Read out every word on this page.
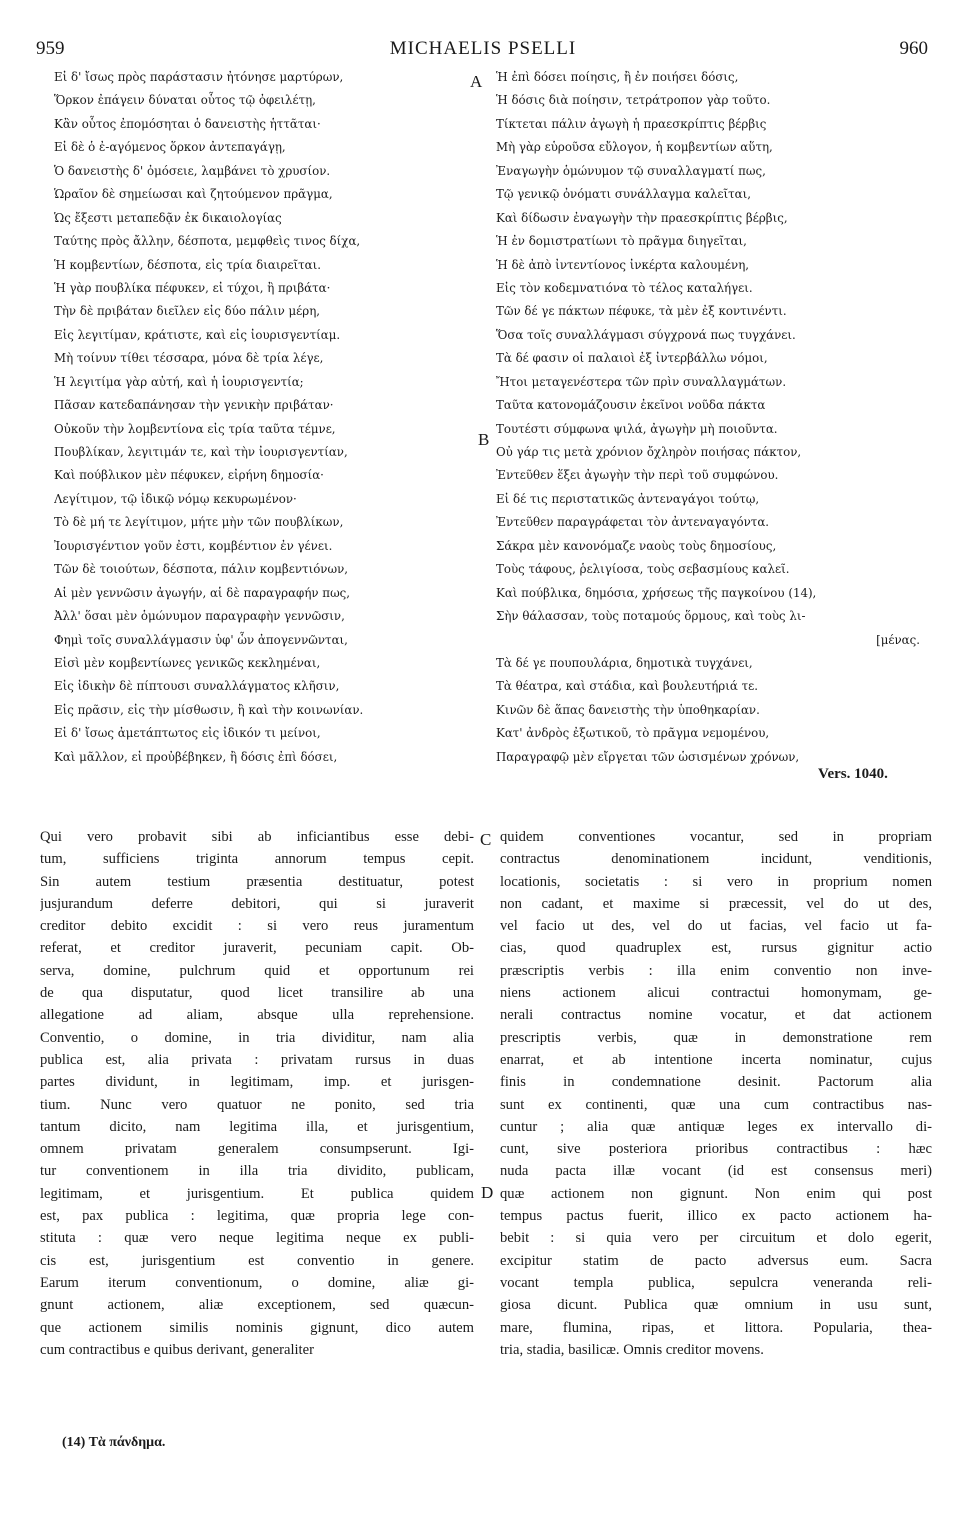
959	MICHAELIS PSELLI	960
A
B
C
D
Εἰ δ' ἴσως πρὸς παράστασιν ἠτόνησε μαρτύρων,
Ὅρκον ἐπάγειν δύναται οὗτος τῷ ὀφειλέτῃ,
Κἂν οὗτος ἐπομόσηται ὁ δανειστὴς ἡττᾶται·
Εἰ δὲ ὁ ἐ-αγόμενος ὅρκον ἀντεπαγάγῃ,
Ὁ δανειστὴς δ' ὀμόσειε, λαμβάνει τὸ χρυσίον.
Ὡραῖον δὲ σημείωσαι καὶ ζητούμενον πρᾶγμα,
Ὡς ἔξεστι μεταπεδᾷν ἐκ δικαιολογίας
Ταύτης πρὸς ἄλλην, δέσποτα, μεμφθεὶς τινος δίχα,
Ἡ κομβεντίων, δέσποτα, εἰς τρία διαιρεῖται.
Ἡ γὰρ πουβλίκα πέφυκεν, εἰ τύχοι, ἢ πριβάτα·
Τὴν δὲ πριβάταν διεῖλεν εἰς δύο πάλιν μέρη,
Εἰς λεγιτίμαν, κράτιστε, καὶ εἰς ἰουρισγεντίαμ.
Μὴ τοίνυν τίθει τέσσαρα, μόνα δὲ τρία λέγε,
Ἡ λεγιτίμα γὰρ αὐτή, καὶ ἡ ἰουρισγεντία;
Πᾶσαν κατεδαπάνησαν τὴν γενικὴν πριβάταν·
Οὐκοῦν τὴν λομβεντίονα εἰς τρία ταῦτα τέμνε,
Πουβλίκαν, λεγιτιμάν τε, καὶ τὴν ἰουρισγεντίαν,
Καὶ πούβλικον μὲν πέφυκεν, εἰρήνη δημοσία·
Λεγίτιμον, τῷ ἰδικῷ νόμῳ κεκυρωμένον·
Τὸ δὲ μή τε λεγίτιμον, μήτε μὴν τῶν πουβλίκων,
Ἰουρισγέντιον γοῦν ἐστι, κομβέντιον ἐν γένει.
Τῶν δὲ τοιούτων, δέσποτα, πάλιν κομβεντιόνων,
Αἱ μὲν γεννῶσιν ἀγωγήν, αἱ δὲ παραγραφήν πως,
Ἀλλ' ὅσαι μὲν ὁμώνυμον παραγραφὴν γεννῶσιν,
Φημὶ τοῖς συναλλάγμασιν ὑφ' ὧν ἀπογεννῶνται,
Εἰσὶ μὲν κομβεντίωνες γενικῶς κεκλημέναι,
Εἰς ἰδικὴν δὲ πίπτουσι συναλλάγματος κλῆσιν,
Εἰς πρᾶσιν, εἰς τὴν μίσθωσιν, ἢ καὶ τὴν κοινωνίαν.
Εἰ δ' ἴσως ἀμετάπτωτος εἰς ἰδικόν τι μείνοι,
Καὶ μᾶλλον, εἰ προὐβέβηκεν, ἢ δόσις ἐπὶ δόσει,
Ἡ ἐπὶ δόσει ποίησις, ἢ ἐν ποιήσει δόσις,
Ἡ δόσις διὰ ποίησιν, τετράτροπον γὰρ τοῦτο.
Τίκτεται πάλιν ἀγωγὴ ἡ πραεσκρίπτις βέρβις
Μὴ γὰρ εὑροῦσα εὔλογον, ἡ κομβεντίων αὕτη,
Ἐναγωγὴν ὁμώνυμον τῷ συναλλαγματί πως,
Τῷ γενικῷ ὀνόματι συνάλλαγμα καλεῖται,
Καὶ δίδωσιν ἐναγωγὴν τὴν πραεσκρίπτις βέρβις,
Ἡ ἐν δομιστρατίωνι τὸ πρᾶγμα διηγεῖται,
Ἡ δὲ ἀπὸ ἰντεντίονος ἰνκέρτα καλουμένη,
Εἰς τὸν κοδεμνατιόνα τὸ τέλος καταλήγει.
Τῶν δέ γε πάκτων πέφυκε, τὰ μὲν ἐξ κοντινέντι.
Ὅσα τοῖς συναλλάγμασι σύγχρονά πως τυγχάνει.
Τὰ δέ φασιν οἱ παλαιοὶ ἐξ ἰντερβάλλω νόμοι,
Ἤτοι μεταγενέστερα τῶν πρὶν συναλλαγμάτων.
Ταῦτα κατονομάζουσιν ἐκεῖνοι νοῦδα πάκτα
Τουτέστι σύμφωνα ψιλά, ἀγωγὴν μὴ ποιοῦντα.
Οὐ γάρ τις μετὰ χρόνιον ὄχληρὸν ποιήσας πάκτον,
Ἐντεῦθεν ἕξει ἀγωγὴν τὴν περὶ τοῦ συμφώνου.
Εἰ δέ τις περιστατικῶς ἀντεναγάγοι τούτῳ,
Ἐντεῦθεν παραγράφεται τὸν ἀντεναγαγόντα.
Σάκρα μὲν κανονόμαζε ναοὺς τοὺς δημοσίους,
Τοὺς τάφους, ῥελιγίοσα, τοὺς σεβασμίους καλεῖ.
Καὶ πούβλικα, δημόσια, χρήσεως τῆς παγκοίνου (14),
Σὴν θάλασσαν, τοὺς ποταμούς ὅρμους, καὶ τοὺς λι-
[μένας.
Τὰ δέ γε πουπουλάρια, δημοτικὰ τυγχάνει,
Τὰ θέατρα, καὶ στάδια, καὶ βουλευτήριά τε.
Κινῶν δὲ ἅπας δανειστὴς τὴν ὑποθηκαρίαν.
Κατ' ἀνδρὸς ἐξωτικοῦ, τὸ πρᾶγμα νεμομένου,
Παραγραφῷ μὲν εἴργεται τῶν ὡσισμένων χρόνων,
Vers. 1040.
Qui vero probavit sibi ab inficiantibus esse debi-
tum, sufficiens triginta annorum tempus cepit.
Sin autem testium præsentia destituatur, potest
jusjurandum deferre debitori, qui si juraverit
creditor debito excidit : si vero reus juramentum
referat, et creditor juraverit, pecuniam capit. Ob-
serva, domine, pulchrum quid et opportunum rei
de qua disputatur, quod licet transilire ab una
allegatione ad aliam, absque ulla reprehensione.
Conventio, o domine, in tria dividitur, nam alia
publica est, alia privata : privatam rursus in duas
partes dividunt, in legitimam, imp. et jurisgen-
tium. Nunc vero quatuor ne ponito, sed tria
tantum dicito, nam legitima illa, et jurisgentium,
omnem privatam generalem consumpserunt. Igi-
tur conventionem in illa tria dividito, publicam,
legitimam, et jurisgentium. Et publica quidem
est, pax publica : legitima, quæ propria lege con-
stituta : quæ vero neque legitima neque ex publi-
cis est, jurisgentium est conventio in genere.
Earum iterum conventionum, o domine, aliæ gi-
gnunt actionem, aliæ exceptionem, sed quæcun-
que actionem similis nominis gignunt, dico autem
cum contractibus e quibus derivant, generaliter
quidem conventiones vocantur, sed in propriam
contractus denominationem incidunt, venditionis,
locationis, societatis : si vero in proprium nomen
non cadant, et maxime si præcessit, vel do ut des,
vel facio ut des, vel do ut facias, vel facio ut fa-
cias, quod quadruplex est, rursus gignitur actio
præscriptis verbis : illa enim conventio non inve-
niens actionem alicui contractui homonymam, ge-
nerali contractus nomine vocatur, et dat actionem
prescriptis verbis, quæ in demonstratione rem
enarrat, et ab intentione incerta nominatur, cujus
finis in condemnatione desinit. Pactorum alia
sunt ex continenti, quæ una cum contractibus nas-
cuntur ; alia quæ antiquæ leges ex intervallo di-
cunt, sive posteriora prioribus contractibus : hæc
nuda pacta illæ vocant (id est consensus meri)
quæ actionem non gignunt. Non enim qui post
tempus pactus fuerit, illico ex pacto actionem ha-
bebit : si quia vero per circuitum et dolo egerit,
excipitur statim de pacto adversus eum. Sacra
vocant templa publica, sepulcra veneranda reli-
giosa dicunt. Publica quæ omnium in usu sunt,
mare, flumina, ripas, et littora. Popularia, thea-
tria, stadia, basilicæ. Omnis creditor movens.
(14) Τὰ πάνδημα.
